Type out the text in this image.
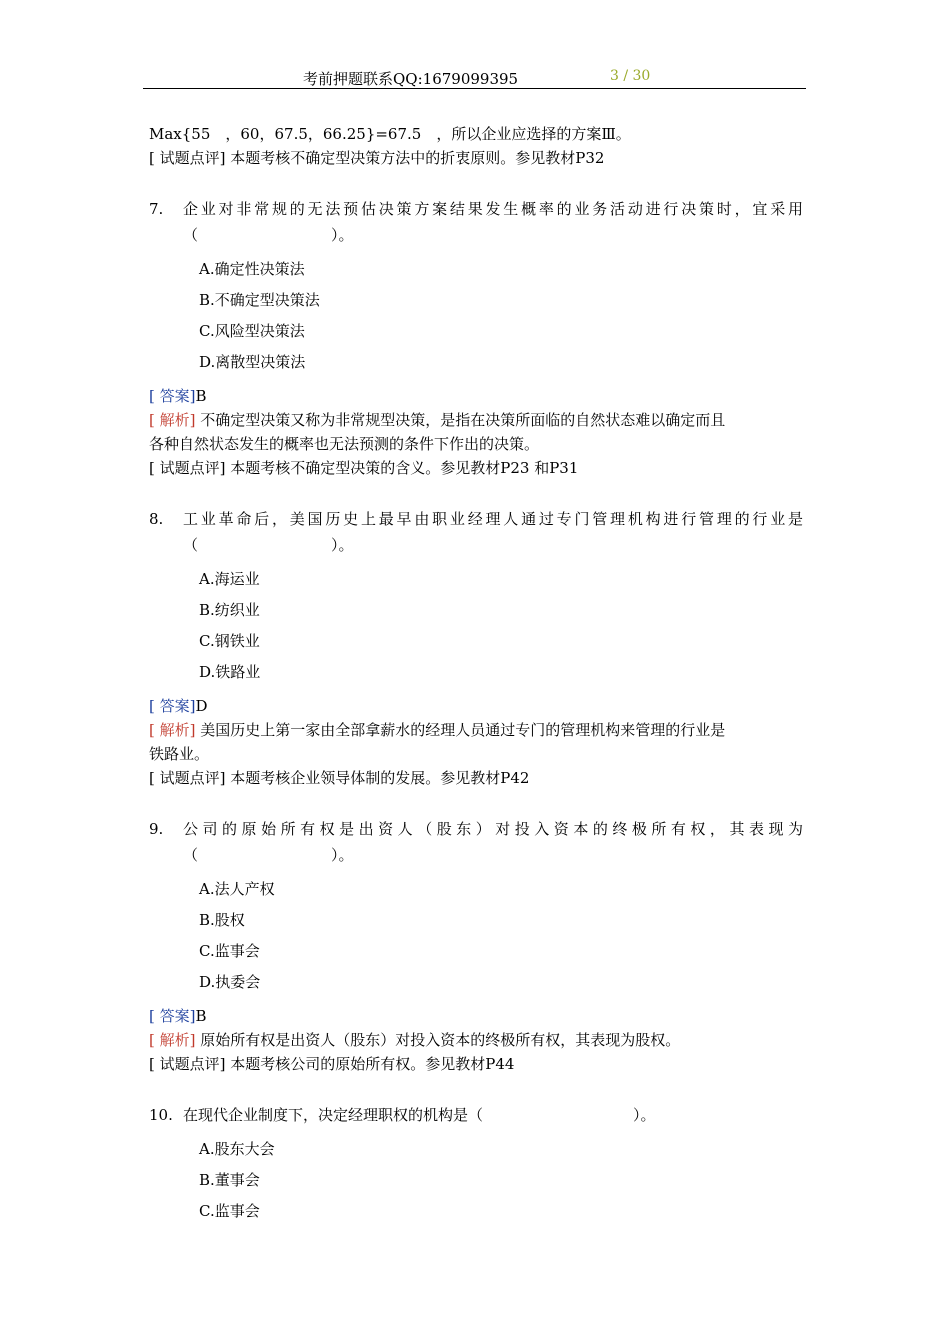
考前押题联系QQ:1679099395	3 / 30
Max{55　，60，67.5，66.25}=67.5　，所以企业应选择的方案Ⅲ。
[ 试题点评] 本题考核不确定型决策方法中的折衷原则。参见教材P32
7.	企业对非常规的无法预估决策方案结果发生概率的业务活动进行决策时，宜采用
（	）。
A.确定性决策法
B.不确定型决策法
C.风险型决策法
D.离散型决策法
[ 答案]B
[ 解析] 不确定型决策又称为非常规型决策，是指在决策所面临的自然状态难以确定而且
各种自然状态发生的概率也无法预测的条件下作出的决策。
[ 试题点评] 本题考核不确定型决策的含义。参见教材P23 和P31
8.	工业革命后，美国历史上最早由职业经理人通过专门管理机构进行管理的行业是
（	）。
A.海运业
B.纺织业
C.钢铁业
D.铁路业
[ 答案]D
[ 解析] 美国历史上第一家由全部拿薪水的经理人员通过专门的管理机构来管理的行业是
铁路业。
[ 试题点评] 本题考核企业领导体制的发展。参见教材P42
9.	公司的原始所有权是出资人（股东）对投入资本的终极所有权，其表现为
（	）。
A.法人产权
B.股权
C.监事会
D.执委会
[ 答案]B
[ 解析] 原始所有权是出资人（股东）对投入资本的终极所有权，其表现为股权。
[ 试题点评] 本题考核公司的原始所有权。参见教材P44
10. 在现代企业制度下，决定经理职权的机构是（　　　　　　　　　　）。
A.股东大会
B.董事会
C.监事会
